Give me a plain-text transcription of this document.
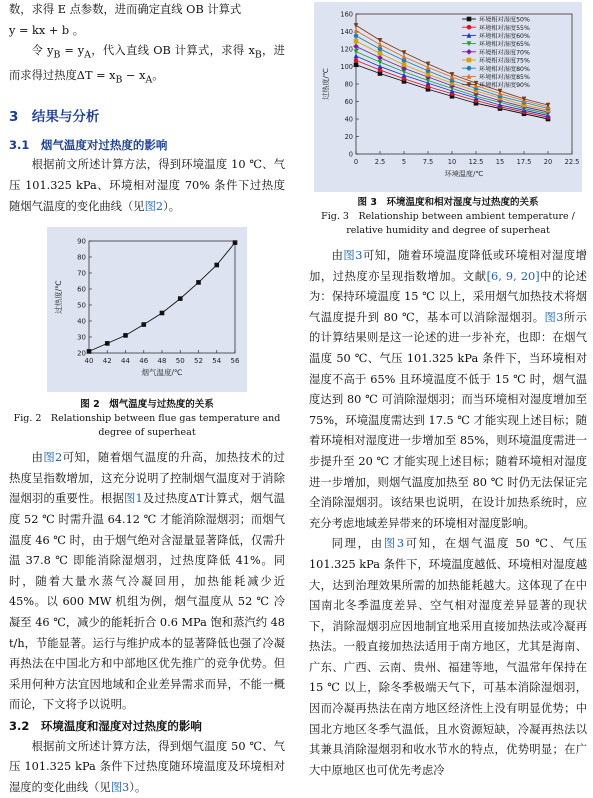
数，求得 E 点参数，进而确定直线 OB 计算式

y = kx + b 。

令 $y_B = y_A$，代入直线 OB 计算式，求得 $x_B$，进而求得过热度$\Delta T = x_B - x_A$。

3　结果与分析
3.1　烟气温度对过热度的影响

根据前文所述计算方法，得到环境温度 10 ℃、气压 101.325 kPa、环境相对湿度 70% 条件下过热度随烟气温度的变化曲线（见图2）。

40 42 44 46 48 50 52 54 56
20
30
40
50
60
70
80
90
烟气温度/℃
过热度/℃
图 2　烟气温度与过热度的关系
Fig. 2　Relationship between flue gas temperature and
degree of superheat

由图2可知，随着烟气温度的升高，加热技术的过热度呈指数增加，这充分说明了控制烟气温度对于消除湿烟羽的重要性。根据图1及过热度ΔT计算式，烟气温度 52 ℃ 时需升温 64.12 ℃ 才能消除湿烟羽；而烟气温度 46 ℃ 时，由于烟气绝对含湿量显著降低，仅需升温 37.8 ℃ 即能消除湿烟羽，过热度降低 41%。同时，随着大量水蒸气冷凝回用，加热能耗减少近 45%。以 600 MW 机组为例，烟气温度从 52 ℃ 冷凝至 46 ℃，减少的能耗折合 0.6 MPa 饱和蒸汽约 48 t/h，节能显著。运行与维护成本的显著降低也强了冷凝再热法在中国北方和中部地区优先推广的竞争优势。但采用何种方法宜因地域和企业差异需求而异，不能一概而论，下文将予以说明。

3.2　环境温度和湿度对过热度的影响

根据前文所述计算方法，得到烟气温度 50 ℃、气压 101.325 kPa 条件下过热度随环境温度及环境相对湿度的变化曲线（见图3）。

0	2.5	5	7.5 10 12.5 15 17.5 20 22.5
0
20
40
60
80
100
120
140
160
环境温度/℃
过热度/℃
环境相对湿度50%
环境相对湿度55%
环境相对湿度60%
环境相对湿度65%
环境相对湿度70%
环境相对湿度75%
环境相对湿度80%
环境相对湿度85%
环境相对湿度90%
图 3　环境温度和相对湿度与过热度的关系
Fig. 3　Relationship between ambient temperature /
relative humidity and degree of superheat

由图3可知，随着环境温度降低或环境相对湿度增加，过热度亦呈现指数增加。文献[6, 9, 20]中的论述为：保持环境温度 15 ℃ 以上，采用烟气加热技术将烟气温度提升到 80 ℃，基本可以消除湿烟羽。图3所示的计算结果则是这一论述的进一步补充，也即：在烟气温度 50 ℃、气压 101.325 kPa 条件下，当环境相对湿度不高于 65% 且环境温度不低于 15 ℃ 时，烟气温度达到 80 ℃ 可消除湿烟羽；而当环境相对湿度增加至 75%，环境温度需达到 17.5 ℃ 才能实现上述目标；随着环境相对湿度进一步增加至 85%，则环境温度需进一步提升至 20 ℃ 才能实现上述目标；随着环境相对湿度进一步增加，则烟气温度加热至 80 ℃ 时仍无法保证完全消除湿烟羽。该结果也说明，在设计加热系统时，应充分考虑地域差异带来的环境相对湿度影响。

同理，由图3可知，在烟气温度 50 ℃、气压 101.325 kPa 条件下，环境温度越低、环境相对湿度越大，达到治理效果所需的加热能耗越大。这体现了在中国南北冬季温度差异、空气相对湿度差异显著的现状下，消除湿烟羽应因地制宜地采用直接加热法或冷凝再热法。一般直接加热法适用于南方地区，尤其是海南、广东、广西、云南、贵州、福建等地，气温常年保持在 15 ℃ 以上，除冬季极端天气下，可基本消除湿烟羽，因而冷凝再热法在南方地区经济性上没有明显优势；中国北方地区冬季气温低，且水资源短缺，冷凝再热法以其兼具消除湿烟羽和收水节水的特点，优势明显；在广大中原地区也可优先考虑冷
